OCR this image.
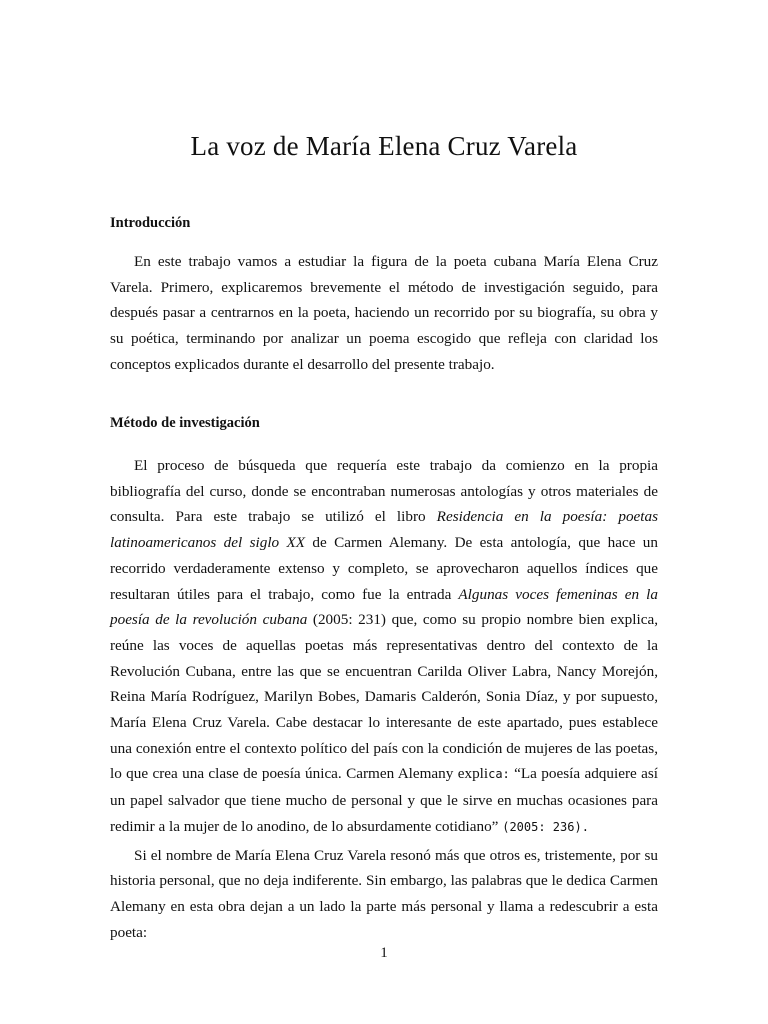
La voz de María Elena Cruz Varela
Introducción

En este trabajo vamos a estudiar la figura de la poeta cubana María Elena Cruz Varela. Primero, explicaremos brevemente el método de investigación seguido, para después pasar a centrarnos en la poeta, haciendo un recorrido por su biografía, su obra y su poética, terminando por analizar un poema escogido que refleja con claridad los conceptos explicados durante el desarrollo del presente trabajo.

Método de investigación

El proceso de búsqueda que requería este trabajo da comienzo en la propia bibliografía del curso, donde se encontraban numerosas antologías y otros materiales de consulta. Para este trabajo se utilizó el libro Residencia en la poesía: poetas latinoamericanos del siglo XX de Carmen Alemany. De esta antología, que hace un recorrido verdaderamente extenso y completo, se aprovecharon aquellos índices que resultaran útiles para el trabajo, como fue la entrada Algunas voces femeninas en la poesía de la revolución cubana (2005: 231) que, como su propio nombre bien explica, reúne las voces de aquellas poetas más representativas dentro del contexto de la Revolución Cubana, entre las que se encuentran Carilda Oliver Labra, Nancy Morejón, Reina María Rodríguez, Marilyn Bobes, Damaris Calderón, Sonia Díaz, y por supuesto, María Elena Cruz Varela. Cabe destacar lo interesante de este apartado, pues establece una conexión entre el contexto político del país con la condición de mujeres de las poetas, lo que crea una clase de poesía única. Carmen Alemany explica: “La poesía adquiere así un papel salvador que tiene mucho de personal y que le sirve en muchas ocasiones para redimir a la mujer de lo anodino, de lo absurdamente cotidiano” (2005: 236).

Si el nombre de María Elena Cruz Varela resonó más que otros es, tristemente, por su historia personal, que no deja indiferente. Sin embargo, las palabras que le dedica Carmen Alemany en esta obra dejan a un lado la parte más personal y llama a redescubrir a esta poeta:

1
